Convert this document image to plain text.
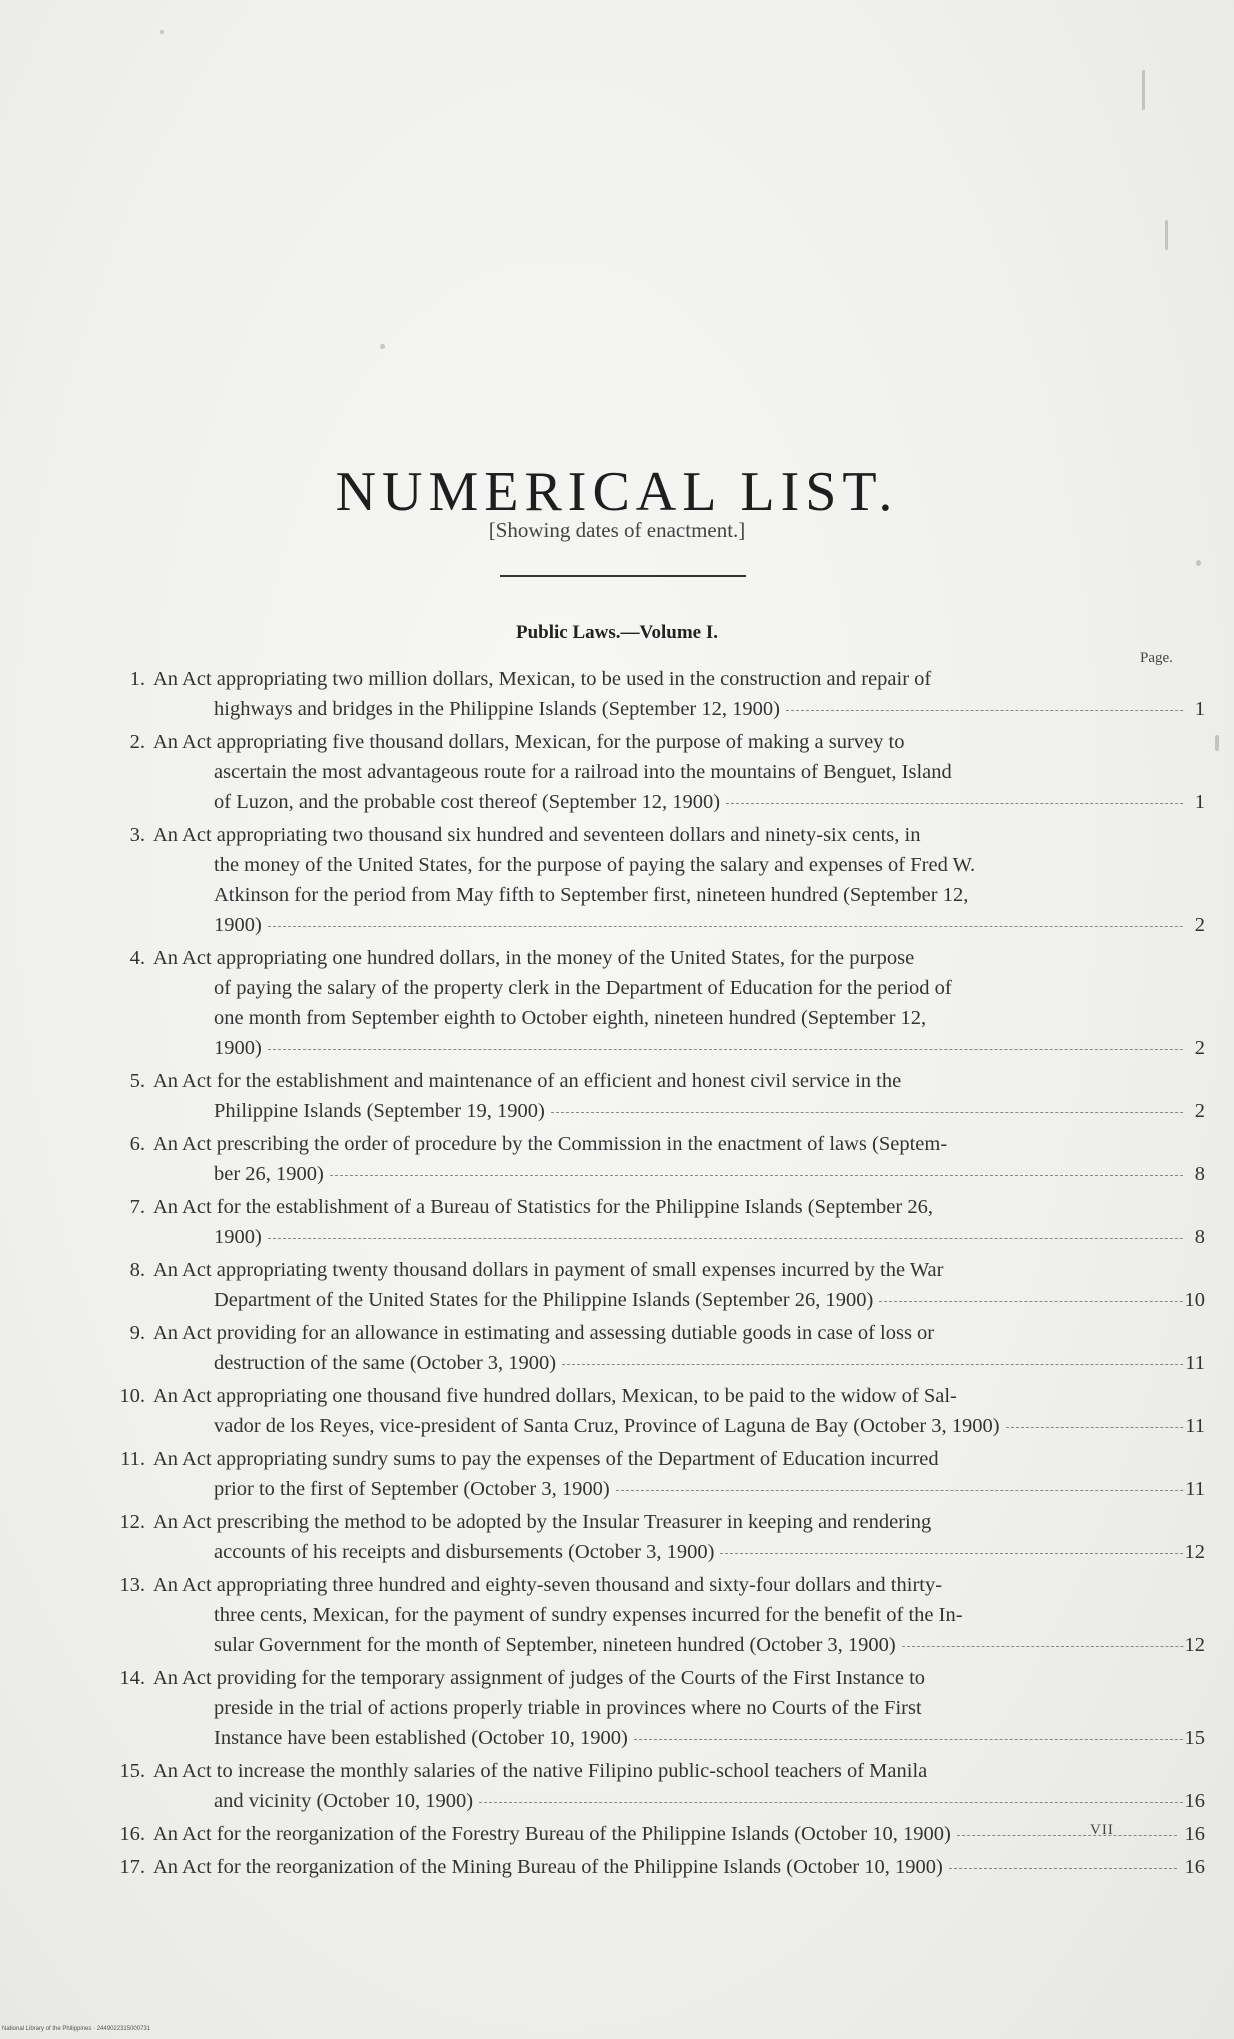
NUMERICAL LIST.
[Showing dates of enactment.]
Public Laws.—Volume I.
Page.
1. An Act appropriating two million dollars, Mexican, to be used in the construction and repair of
highways and bridges in the Philippine Islands (September 12, 1900)	1
2. An Act appropriating five thousand dollars, Mexican, for the purpose of making a survey to
ascertain the most advantageous route for a railroad into the mountains of Benguet, Island
of Luzon, and the probable cost thereof (September 12, 1900)	1
3. An Act appropriating two thousand six hundred and seventeen dollars and ninety-six cents, in
the money of the United States, for the purpose of paying the salary and expenses of Fred W.
Atkinson for the period from May fifth to September first, nineteen hundred (September 12,
1900)	2
4. An Act appropriating one hundred dollars, in the money of the United States, for the purpose
of paying the salary of the property clerk in the Department of Education for the period of
one month from September eighth to October eighth, nineteen hundred (September 12,
1900)	2
5. An Act for the establishment and maintenance of an efficient and honest civil service in the
Philippine Islands (September 19, 1900)	2
6. An Act prescribing the order of procedure by the Commission in the enactment of laws (Septem-
ber 26, 1900)	8
7. An Act for the establishment of a Bureau of Statistics for the Philippine Islands (September 26,
1900)	8
8. An Act appropriating twenty thousand dollars in payment of small expenses incurred by the War
Department of the United States for the Philippine Islands (September 26, 1900)	10
9. An Act providing for an allowance in estimating and assessing dutiable goods in case of loss or
destruction of the same (October 3, 1900)	11
10. An Act appropriating one thousand five hundred dollars, Mexican, to be paid to the widow of Sal-
vador de los Reyes, vice-president of Santa Cruz, Province of Laguna de Bay (October 3, 1900)	11
11. An Act appropriating sundry sums to pay the expenses of the Department of Education incurred
prior to the first of September (October 3, 1900)	11
12. An Act prescribing the method to be adopted by the Insular Treasurer in keeping and rendering
accounts of his receipts and disbursements (October 3, 1900)	12
13. An Act appropriating three hundred and eighty-seven thousand and sixty-four dollars and thirty-
three cents, Mexican, for the payment of sundry expenses incurred for the benefit of the In-
sular Government for the month of September, nineteen hundred (October 3, 1900)	12
14. An Act providing for the temporary assignment of judges of the Courts of the First Instance to
preside in the trial of actions properly triable in provinces where no Courts of the First
Instance have been established (October 10, 1900)	15
15. An Act to increase the monthly salaries of the native Filipino public-school teachers of Manila
and vicinity (October 10, 1900)	16
16. An Act for the reorganization of the Forestry Bureau of the Philippine Islands (October 10, 1900)	16
17. An Act for the reorganization of the Mining Bureau of the Philippine Islands (October 10, 1900)	16
VII
National Library of the Philippines · 2449022315000731
